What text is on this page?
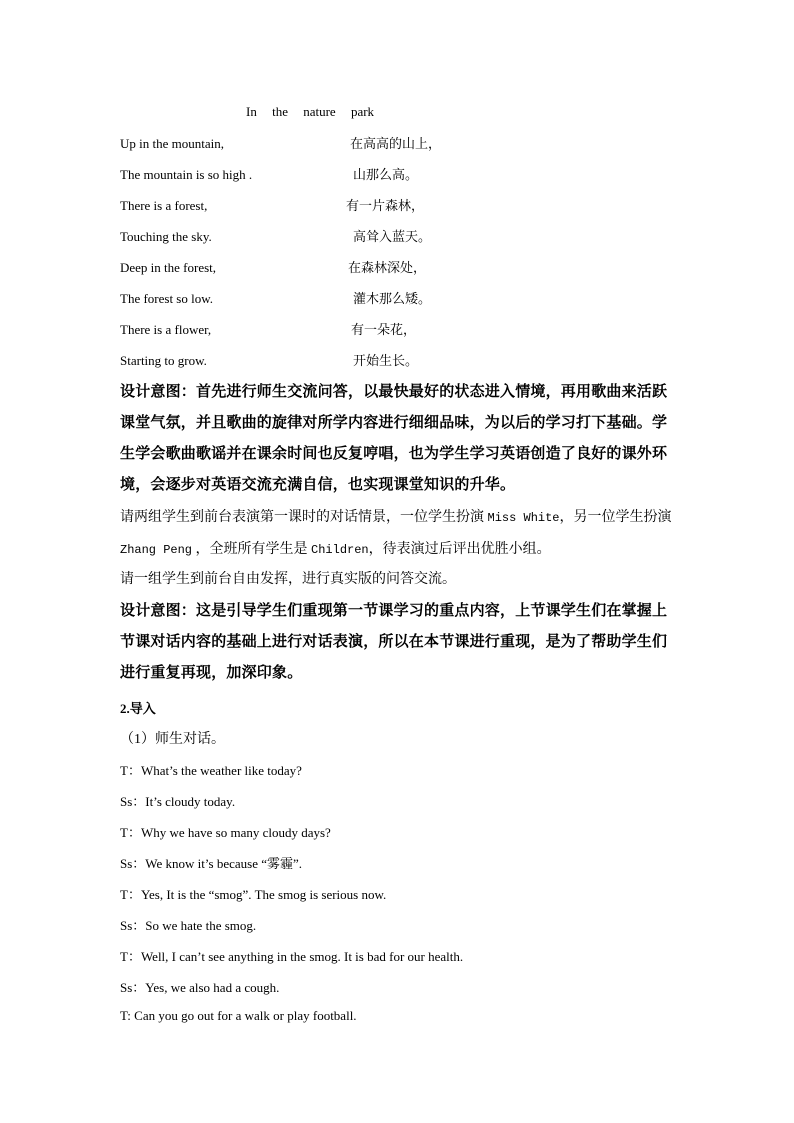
In the nature park
Up in the mountain,	在高高的山上，
The mountain is so high .	山那么高。
There is a forest,	有一片森林，
Touching the sky.	高耸入蓝天。
Deep in the forest,	在森林深处，
The forest so low.	灌木那么矮。
There is a flower,	有一朵花，
Starting to grow.	开始生长。
设计意图：首先进行师生交流问答，以最快最好的状态进入情境，再用歌曲来活跃课堂气氛，并且歌曲的旋律对所学内容进行细细品味，为以后的学习打下基础。学生学会歌曲歌谣并在课余时间也反复哼唱，也为学生学习英语创造了良好的课外环境，会逐步对英语交流充满自信，也实现课堂知识的升华。
请两组学生到前台表演第一课时的对话情景，一位学生扮演 Miss White，另一位学生扮演
Zhang Peng ，全班所有学生是 Children，待表演过后评出优胜小组。
请一组学生到前台自由发挥，进行真实版的问答交流。
设计意图：这是引导学生们重现第一节课学习的重点内容，上节课学生们在掌握上节课对话内容的基础上进行对话表演，所以在本节课进行重现，是为了帮助学生们进行重复再现，加深印象。
2.导入
（1）师生对话。
T：What’s the weather like today?
Ss：It’s cloudy today.
T：Why we have so many cloudy days?
Ss：We know it’s because “雾霾”.
T：Yes, It is the “smog”. The smog is serious now.
Ss：So we hate the smog.
T：Well, I can’t see anything in the smog. It is bad for our health.
Ss：Yes, we also had a cough.
T: Can you go out for a walk or play football.
